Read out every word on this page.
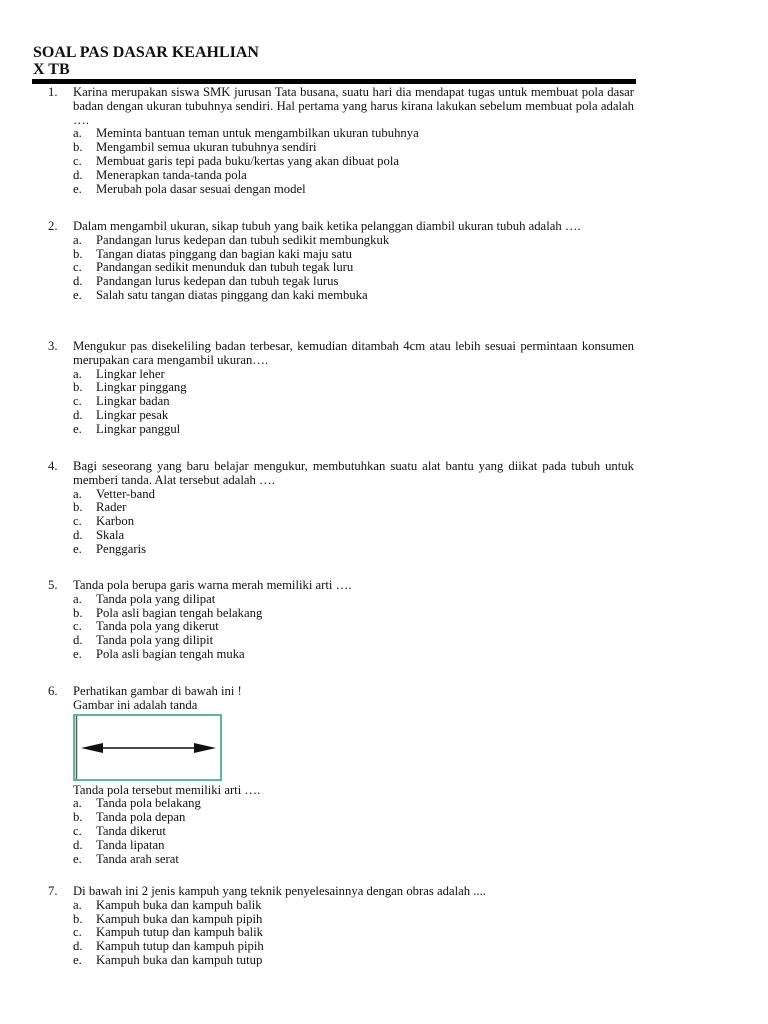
SOAL PAS DASAR KEAHLIAN
X TB
1.	Karina merupakan siswa SMK jurusan Tata busana, suatu hari dia mendapat tugas untuk membuat pola dasar badan dengan ukuran tubuhnya sendiri. Hal pertama yang harus kirana lakukan sebelum membuat pola adalah ….
a.	Meminta bantuan teman untuk mengambilkan ukuran tubuhnya
b.	Mengambil semua ukuran tubuhnya sendiri
c.	Membuat garis tepi pada buku/kertas yang akan dibuat pola
d.	Menerapkan tanda-tanda pola
e.	Merubah pola dasar sesuai dengan model
2.	Dalam mengambil ukuran, sikap tubuh yang baik ketika pelanggan diambil ukuran tubuh adalah ….
a.	Pandangan lurus kedepan dan tubuh sedikit membungkuk
b.	Tangan diatas pinggang dan bagian kaki maju satu
c.	Pandangan sedikit menunduk dan tubuh tegak luru
d.	Pandangan lurus kedepan dan tubuh tegak lurus
e.	Salah satu tangan diatas pinggang dan kaki membuka
3.	Mengukur pas disekeliling badan terbesar, kemudian ditambah 4cm atau lebih sesuai permintaan konsumen merupakan cara mengambil ukuran….
a.	Lingkar leher
b.	Lingkar pinggang
c.	Lingkar badan
d.	Lingkar pesak
e.	Lingkar panggul
4.	Bagi seseorang yang baru belajar mengukur, membutuhkan suatu alat bantu yang diikat pada tubuh untuk memberi tanda. Alat tersebut adalah ….
a.	Vetter-band
b.	Rader
c.	Karbon
d.	Skala
e.	Penggaris
5.	Tanda pola berupa garis warna merah memiliki arti ….
a.	Tanda pola yang dilipat
b.	Pola asli bagian tengah belakang
c.	Tanda pola yang dikerut
d.	Tanda pola yang dilipit
e.	Pola asli bagian tengah muka
6.	Perhatikan gambar di bawah ini !
Gambar ini adalah tanda
Tanda pola tersebut memiliki arti ….
a.	Tanda pola belakang
b.	Tanda pola depan
c.	Tanda dikerut
d.	Tanda lipatan
e.	Tanda arah serat
7.	Di bawah ini 2 jenis kampuh yang teknik penyelesainnya dengan obras adalah ....
a.	Kampuh buka dan kampuh balik
b.	Kampuh buka dan kampuh pipih
c.	Kampuh tutup dan kampuh balik
d.	Kampuh tutup dan kampuh pipih
e.	Kampuh buka dan kampuh tutup
